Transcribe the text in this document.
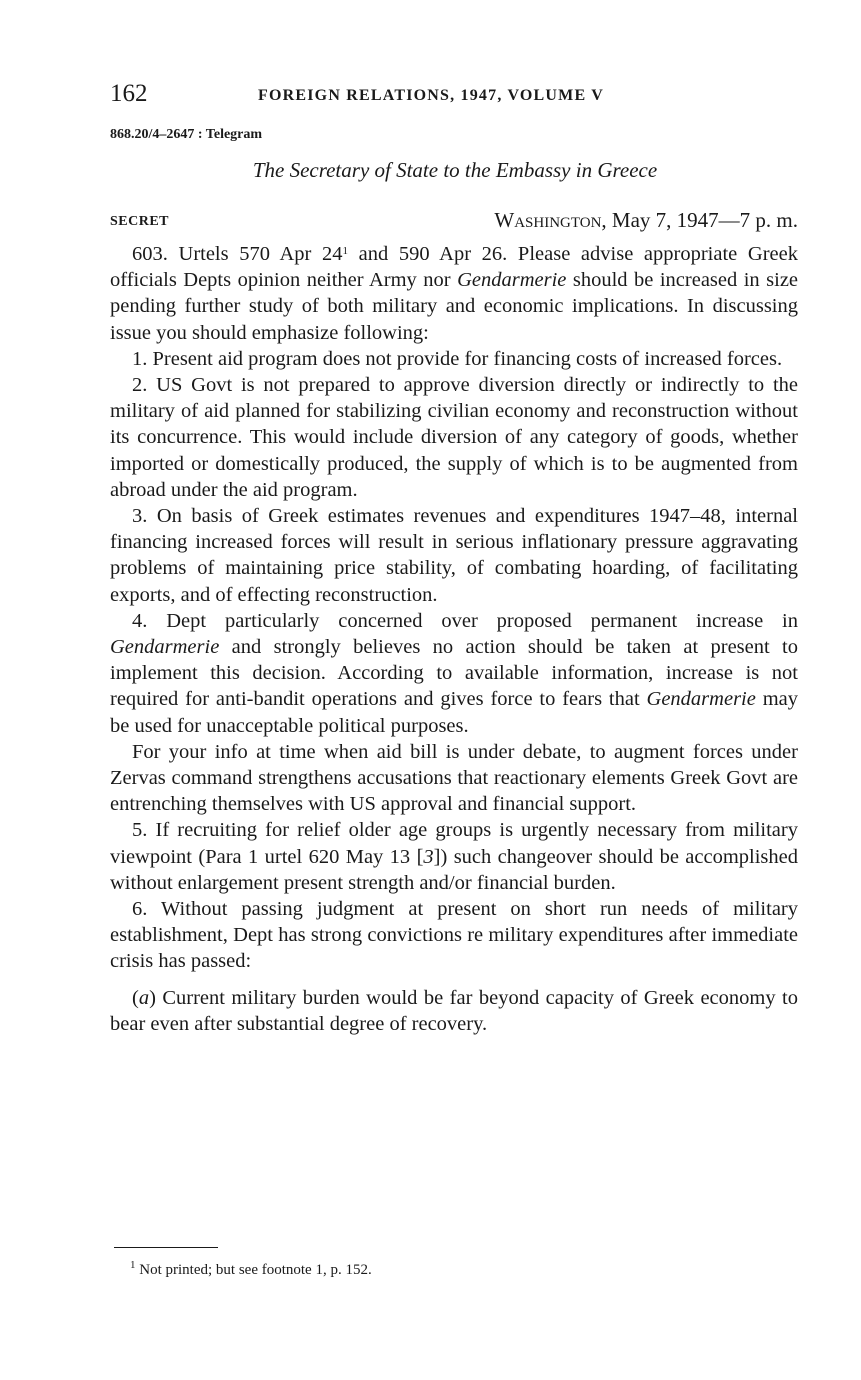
162	FOREIGN RELATIONS, 1947, VOLUME V
868.20/4–2647 : Telegram
The Secretary of State to the Embassy in Greece
SECRET	Washington, May 7, 1947—7 p. m.

603. Urtels 570 Apr $24^1$ and 590 Apr 26. Please advise appropriate Greek officials Depts opinion neither Army nor Gendarmerie should be increased in size pending further study of both military and economic implications. In discussing issue you should emphasize following:

1. Present aid program does not provide for financing costs of increased forces.

2. US Govt is not prepared to approve diversion directly or indirectly to the military of aid planned for stabilizing civilian economy and reconstruction without its concurrence. This would include diversion of any category of goods, whether imported or domestically produced, the supply of which is to be augmented from abroad under the aid program.

3. On basis of Greek estimates revenues and expenditures 1947–48, internal financing increased forces will result in serious inflationary pressure aggravating problems of maintaining price stability, of combating hoarding, of facilitating exports, and of effecting reconstruction.

4. Dept particularly concerned over proposed permanent increase in Gendarmerie and strongly believes no action should be taken at present to implement this decision. According to available information, increase is not required for anti-bandit operations and gives force to fears that Gendarmerie may be used for unacceptable political purposes.

For your info at time when aid bill is under debate, to augment forces under Zervas command strengthens accusations that reactionary elements Greek Govt are entrenching themselves with US approval and financial support.

5. If recruiting for relief older age groups is urgently necessary from military viewpoint (Para 1 urtel 620 May 13 [3]) such changeover should be accomplished without enlargement present strength and/or financial burden.

6. Without passing judgment at present on short run needs of military establishment, Dept has strong convictions re military expenditures after immediate crisis has passed:

(a) Current military burden would be far beyond capacity of Greek economy to bear even after substantial degree of recovery.

$^1$ Not printed; but see footnote 1, p. 152.
